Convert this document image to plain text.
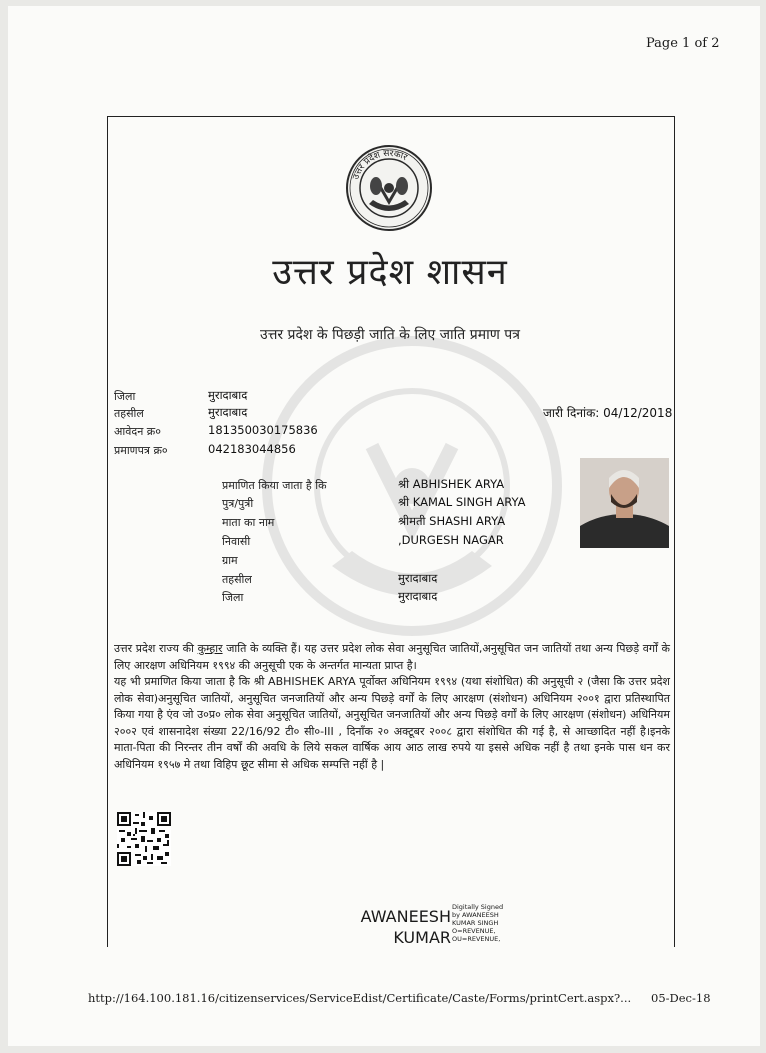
Page 1 of 2
उत्तर प्रदेश सरकार
उत्तर प्रदेश शासन
उत्तर प्रदेश के पिछड़ी जाति के लिए जाति प्रमाण पत्र
जिला	मुरादाबाद
तहसील	मुरादाबाद
आवेदन क्र०	181350030175836
प्रमाणपत्र क्र०	042183044856
जारी दिनांक: 04/12/2018
प्रमाणित किया जाता है कि	श्री ABHISHEK ARYA
पुत्र/पुत्री	श्री KAMAL SINGH ARYA
माता का नाम	श्रीमती SHASHI ARYA
निवासी	,DURGESH NAGAR
ग्राम
तहसील	मुरादाबाद
जिला	मुरादाबाद
उत्तर प्रदेश राज्य की कुम्हार जाति के व्यक्ति हैं। यह उत्तर प्रदेश लोक सेवा अनुसूचित जातियों,अनुसूचित जन जातियों तथा अन्य पिछड़े वर्गों के लिए आरक्षण अधिनियम १९९४ की अनुसूची एक के अन्तर्गत मान्यता प्राप्त है।
यह भी प्रमाणित किया जाता है कि श्री ABHISHEK ARYA पूर्वोक्त अधिनियम १९९४ (यथा संशोधित) की अनुसूची २ (जैसा कि उत्तर प्रदेश लोक सेवा)अनुसूचित जातियों, अनुसूचित जनजातियों और अन्य पिछड़े वर्गों के लिए आरक्षण (संशोधन) अधिनियम २००१ द्वारा प्रतिस्थापित किया गया है एंव जो उ०प्र० लोक सेवा अनुसूचित जातियों, अनुसूचित जनजातियों और अन्य पिछड़े वर्गों के लिए आरक्षण (संशोधन) अधिनियम २००२ एवं शासनादेश संख्या 22/16/92 टी० सी०-III , दिनाँक २० अक्टूबर २००८ द्वारा संशोधित की गई है, से आच्छादित नहीं है।इनके माता-पिता की निरन्तर तीन वर्षों की अवधि के लिये सकल वार्षिक आय आठ लाख रुपये या इससे अधिक नहीं है तथा इनके पास धन कर अधिनियम १९५७ मे तथा विहिप छूट सीमा से अधिक सम्पत्ति नहीं है |
AWANEESH
KUMAR
Digitally Signed
by AWANEESH
KUMAR SINGH
O=REVENUE,
OU=REVENUE,
http://164.100.181.16/citizenservices/ServiceEdist/Certificate/Caste/Forms/printCert.aspx?... 05-Dec-18
